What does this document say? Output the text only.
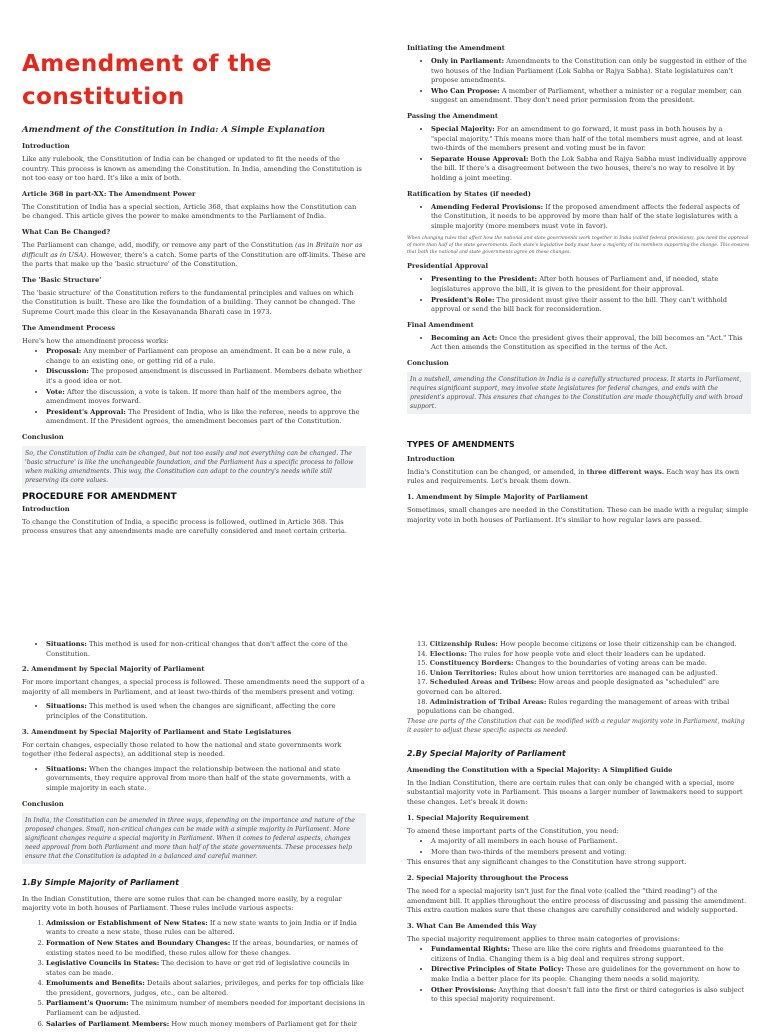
Amendment of the constitution
Amendment of the Constitution in India: A Simple Explanation
Introduction

Like any rulebook, the Constitution of India can be changed or updated to fit the needs of the country. This process is known as amending the Constitution. In India, amending the Constitution is not too easy or too hard. It's like a mix of both.

Article 368 in part-XX: The Amendment Power

The Constitution of India has a special section, Article 368, that explains how the Constitution can be changed. This article gives the power to make amendments to the Parliament of India.

What Can Be Changed?

The Parliament can change, add, modify, or remove any part of the Constitution (as in Britain nor as difficult as in USA). However, there's a catch. Some parts of the Constitution are off-limits. These are the parts that make up the 'basic structure' of the Constitution.

The 'Basic Structure'

The 'basic structure' of the Constitution refers to the fundamental principles and values on which the Constitution is built. These are like the foundation of a building. They cannot be changed. The Supreme Court made this clear in the Kesavananda Bharati case in 1973.

The Amendment Process

Here's how the amendment process works:

• Proposal: Any member of Parliament can propose an amendment. It can be a new rule, a change to an existing one, or getting rid of a rule.
• Discussion: The proposed amendment is discussed in Parliament. Members debate whether it's a good idea or not.
• Vote: After the discussion, a vote is taken. If more than half of the members agree, the amendment moves forward.
• President's Approval: The President of India, who is like the referee, needs to approve the amendment. If the President agrees, the amendment becomes part of the Constitution.
Conclusion
So, the Constitution of India can be changed, but not too easily and not everything can be changed. The 'basic structure' is like the unchangeable foundation, and the Parliament has a specific process to follow when making amendments. This way, the Constitution can adapt to the country's needs while still preserving its core values.
PROCEDURE FOR AMENDMENT
Introduction

To change the Constitution of India, a specific process is followed, outlined in Article 368. This process ensures that any amendments made are carefully considered and meet certain criteria.

Initiating the Amendment
• Only in Parliament: Amendments to the Constitution can only be suggested in either of the two houses of the Indian Parliament (Lok Sabha or Rajya Sabha). State legislatures can't propose amendments.
• Who Can Propose: A member of Parliament, whether a minister or a regular member, can suggest an amendment. They don't need prior permission from the president.
Passing the Amendment
• Special Majority: For an amendment to go forward, it must pass in both houses by a "special majority." This means more than half of the total members must agree, and at least two-thirds of the members present and voting must be in favor.
• Separate House Approval: Both the Lok Sabha and Rajya Sabha must individually approve the bill. If there's a disagreement between the two houses, there's no way to resolve it by holding a joint meeting.
Ratification by States (if needed)
• Amending Federal Provisions: If the proposed amendment affects the federal aspects of the Constitution, it needs to be approved by more than half of the state legislatures with a simple majority (more members must vote in favor).
When changing rules that affect how the national and state governments work together in India (called federal provisions), you need the approval of more than half of the state governments. Each state's legislative body must have a majority of its members supporting the change. This ensures that both the national and state governments agree on these changes.
Presidential Approval
• Presenting to the President: After both houses of Parliament and, if needed, state legislatures approve the bill, it is given to the president for their approval.
• President's Role: The president must give their assent to the bill. They can't withhold approval or send the bill back for reconsideration.
Final Amendment
• Becoming an Act: Once the president gives their approval, the bill becomes an "Act." This Act then amends the Constitution as specified in the terms of the Act.
Conclusion
In a nutshell, amending the Constitution in India is a carefully structured process. It starts in Parliament, requires significant support, may involve state legislatures for federal changes, and ends with the president's approval. This ensures that changes to the Constitution are made thoughtfully and with broad support.
TYPES OF AMENDMENTS
Introduction

India's Constitution can be changed, or amended, in three different ways. Each way has its own rules and requirements. Let's break them down.

1. Amendment by Simple Majority of Parliament

Sometimes, small changes are needed in the Constitution. These can be made with a regular, simple majority vote in both houses of Parliament. It's similar to how regular laws are passed.

• Situations: This method is used for non-critical changes that don't affect the core of the Constitution.
2. Amendment by Special Majority of Parliament

For more important changes, a special process is followed. These amendments need the support of a majority of all members in Parliament, and at least two-thirds of the members present and voting.

• Situations: This method is used when the changes are significant, affecting the core principles of the Constitution.
3. Amendment by Special Majority of Parliament and State Legislatures

For certain changes, especially those related to how the national and state governments work together (the federal aspects), an additional step is needed.

• Situations: When the changes impact the relationship between the national and state governments, they require approval from more than half of the state governments, with a simple majority in each state.
Conclusion
In India, the Constitution can be amended in three ways, depending on the importance and nature of the proposed changes. Small, non-critical changes can be made with a simple majority in Parliament. More significant changes require a special majority in Parliament. When it comes to federal aspects, changes need approval from both Parliament and more than half of the state governments. These processes help ensure that the Constitution is adapted in a balanced and careful manner.
1.By Simple Majority of Parliament

In the Indian Constitution, there are some rules that can be changed more easily, by a regular majority vote in both houses of Parliament. These rules include various aspects:

1. Admission or Establishment of New States: If a new state wants to join India or if India wants to create a new state, these rules can be altered.
2. Formation of New States and Boundary Changes: If the areas, boundaries, or names of existing states need to be modified, these rules allow for these changes.
3. Legislative Councils in States: The decision to have or get rid of legislative councils in states can be made.
4. Emoluments and Benefits: Details about salaries, privileges, and perks for top officials like the president, governors, judges, etc., can be altered.
5. Parliament's Quorum: The minimum number of members needed for important decisions in Parliament can be adjusted.
6. Salaries of Parliament Members: How much money members of Parliament get for their
13. Citizenship Rules: How people become citizens or lose their citizenship can be changed.
14. Elections: The rules for how people vote and elect their leaders can be updated.
15. Constituency Borders: Changes to the boundaries of voting areas can be made.
16. Union Territories: Rules about how union territories are managed can be adjusted.
17. Scheduled Areas and Tribes: How areas and people designated as "scheduled" are governed can be altered.
18. Administration of Tribal Areas: Rules regarding the management of areas with tribal populations can be changed.
These are parts of the Constitution that can be modified with a regular majority vote in Parliament, making it easier to adjust these specific aspects as needed.
2.By Special Majority of Parliament
Amending the Constitution with a Special Majority: A Simplified Guide

In the Indian Constitution, there are certain rules that can only be changed with a special, more substantial majority vote in Parliament. This means a larger number of lawmakers need to support these changes. Let's break it down:

1. Special Majority Requirement

To amend these important parts of the Constitution, you need:

• A majority of all members in each house of Parliament.
• More than two-thirds of the members present and voting.

This ensures that any significant changes to the Constitution have strong support.

2. Special Majority throughout the Process

The need for a special majority isn't just for the final vote (called the "third reading") of the amendment bill. It applies throughout the entire process of discussing and passing the amendment. This extra caution makes sure that these changes are carefully considered and widely supported.

3. What Can Be Amended this Way

The special majority requirement applies to three main categories of provisions:

• Fundamental Rights: These are like the core rights and freedoms guaranteed to the citizens of India. Changing them is a big deal and requires strong support.
• Directive Principles of State Policy: These are guidelines for the government on how to make India a better place for its people. Changing them needs a solid majority.
• Other Provisions: Anything that doesn't fall into the first or third categories is also subject to this special majority requirement.
